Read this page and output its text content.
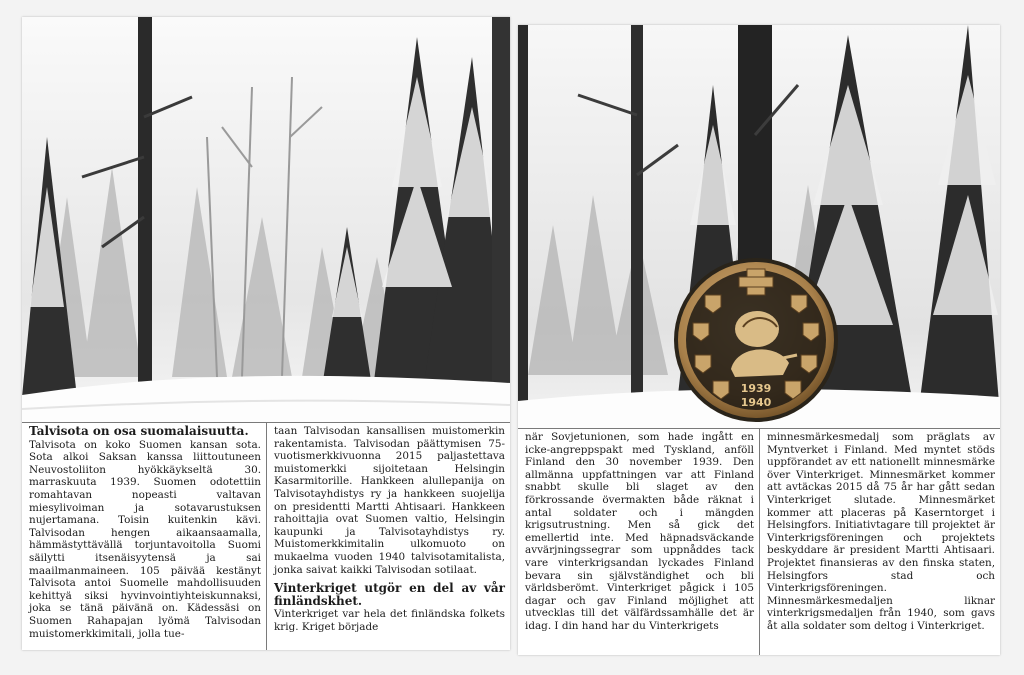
Talvisota on osa suomalaisuutta.

Talvisota on koko Suomen kansan sota. Sota alkoi Saksan kanssa liittoutuneen Neuvostoliiton hyökkäykseltä 30. marraskuuta 1939. Suomen odotettiin romahtavan nopeasti valtavan miesylivoiman ja sotavarustuksen nujertamana. Toisin kuitenkin kävi. Talvisodan hengen aikaansaamalla, hämmästyttävällä torjuntavoitolla Suomi säilytti itsenäisyytensä ja sai maailmanmaineen. 105 päivää kestänyt Talvisota antoi Suomelle mahdollisuuden kehittyä siksi hyvinvointiyhteiskunnaksi, joka se tänä päivänä on. Kädessäsi on Suomen Rahapajan lyömä Talvisodan muistomerkkimitali, jolla tue-

taan Talvisodan kansallisen muistomerkin rakentamista. Talvisodan päättymisen 75-vuotismerkkivuonna 2015 paljastettava muistomerkki sijoitetaan Helsingin Kasarmitorille. Hankkeen alullepanija on Talvisotayhdistys ry ja hankkeen suojelija on presidentti Martti Ahtisaari. Hankkeen rahoittajia ovat Suomen valtio, Helsingin kaupunki ja Talvisotayhdistys ry. Muistomerkkimitalin ulkomuoto on mukaelma vuoden 1940 talvisotamitalista, jonka saivat kaikki Talvisodan sotilaat.

Vinterkriget utgör en del av vår finländskhet.

Vinterkriget var hela det finländska folkets krig. Kriget började

1939
1940

när Sovjetunionen, som hade ingått en icke-angreppspakt med Tyskland, anföll Finland den 30 november 1939. Den allmänna uppfattningen var att Finland snabbt skulle bli slaget av den förkrossande övermakten både räknat i antal soldater och i mängden krigsutrustning. Men så gick det emellertid inte. Med häpnadsväckande avvärjningssegrar som uppnåddes tack vare vinterkrigsandan lyckades Finland bevara sin självständighet och bli världsberömt. Vinterkriget pågick i 105 dagar och gav Finland möjlighet att utvecklas till det välfärdssamhälle det är idag. I din hand har du Vinterkrigets

minnesmärkesmedalj som präglats av Myntverket i Finland. Med myntet stöds uppförandet av ett nationellt minnesmärke över Vinterkriget. Minnesmärket kommer att avtäckas 2015 då 75 år har gått sedan Vinterkriget slutade. Minnesmärket kommer att placeras på Kaserntorget i Helsingfors. Initiativtagare till projektet är Vinterkrigsföreningen och projektets beskyddare är president Martti Ahtisaari. Projektet finansieras av den finska staten, Helsingfors stad och Vinterkrigsföreningen. Minnesmärkesmedaljen liknar vinterkrigsmedaljen från 1940, som gavs åt alla soldater som deltog i Vinterkriget.
